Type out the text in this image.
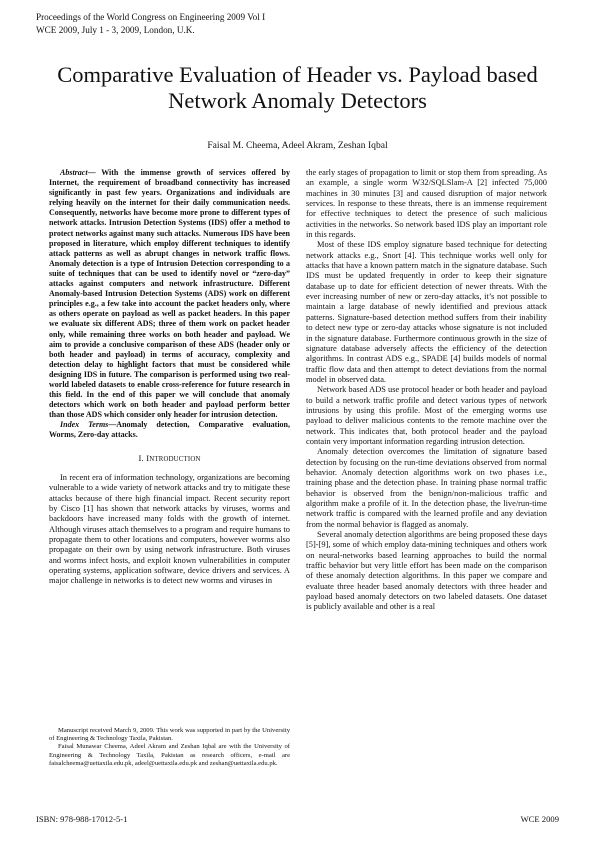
Proceedings of the World Congress on Engineering 2009 Vol I
WCE 2009, July 1 - 3, 2009, London, U.K.
Comparative Evaluation of Header vs. Payload based Network Anomaly Detectors
Faisal M. Cheema, Adeel Akram, Zeshan Iqbal

Abstract— With the immense growth of services offered by Internet, the requirement of broadband connectivity has increased significantly in past few years. Organizations and individuals are relying heavily on the internet for their daily communication needs. Consequently, networks have become more prone to different types of network attacks. Intrusion Detection Systems (IDS) offer a method to protect networks against many such attacks. Numerous IDS have been proposed in literature, which employ different techniques to identify attack patterns as well as abrupt changes in network traffic flows. Anomaly detection is a type of Intrusion Detection corresponding to a suite of techniques that can be used to identify novel or “zero-day” attacks against computers and network infrastructure. Different Anomaly-based Intrusion Detection Systems (ADS) work on different principles e.g., a few take into account the packet headers only, where as others operate on payload as well as packet headers. In this paper we evaluate six different ADS; three of them work on packet header only, while remaining three works on both header and payload. We aim to provide a conclusive comparison of these ADS (header only or both header and payload) in terms of accuracy, complexity and detection delay to highlight factors that must be considered while designing IDS in future. The comparison is performed using two real-world labeled datasets to enable cross-reference for future research in this field. In the end of this paper we will conclude that anomaly detectors which work on both header and payload perform better than those ADS which consider only header for intrusion detection.

Index Terms—Anomaly detection, Comparative evaluation, Worms, Zero-day attacks.

I. INTRODUCTION

In recent era of information technology, organizations are becoming vulnerable to a wide variety of network attacks and try to mitigate these attacks because of there high financial impact. Recent security report by Cisco [1] has shown that network attacks by viruses, worms and backdoors have increased many folds with the growth of internet. Although viruses attach themselves to a program and require humans to propagate them to other locations and computers, however worms also propagate on their own by using network infrastructure. Both viruses and worms infect hosts, and exploit known vulnerabilities in computer operating systems, application software, device drivers and services. A major challenge in networks is to detect new worms and viruses in

the early stages of propagation to limit or stop them from spreading. As an example, a single worm W32/SQLSlam-A [2] infected 75,000 machines in 30 minutes [3] and caused disruption of major network services. In response to these threats, there is an immense requirement for effective techniques to detect the presence of such malicious activities in the networks. So network based IDS play an important role in this regards.

Most of these IDS employ signature based technique for detecting network attacks e.g., Snort [4]. This technique works well only for attacks that have a known pattern match in the signature database. Such IDS must be updated frequently in order to keep their signature database up to date for efficient detection of newer threats. With the ever increasing number of new or zero-day attacks, it’s not possible to maintain a large database of newly identified and previous attack patterns. Signature-based detection method suffers from their inability to detect new type or zero-day attacks whose signature is not included in the signature database. Furthermore continuous growth in the size of signature database adversely affects the efficiency of the detection algorithms. In contrast ADS e.g., SPADE [4] builds models of normal traffic flow data and then attempt to detect deviations from the normal model in observed data.

Network based ADS use protocol header or both header and payload to build a network traffic profile and detect various types of network intrusions by using this profile. Most of the emerging worms use payload to deliver malicious contents to the remote machine over the network. This indicates that, both protocol header and the payload contain very important information regarding intrusion detection.

Anomaly detection overcomes the limitation of signature based detection by focusing on the run-time deviations observed from normal behavior. Anomaly detection algorithms work on two phases i.e., training phase and the detection phase. In training phase normal traffic behavior is observed from the benign/non-malicious traffic and algorithm make a profile of it. In the detection phase, the live/run-time network traffic is compared with the learned profile and any deviation from the normal behavior is flagged as anomaly.

Several anomaly detection algorithms are being proposed these days [5]-[9], some of which employ data-mining techniques and others work on neural-networks based learning approaches to build the normal traffic behavior but very little effort has been made on the comparison of these anomaly detection algorithms. In this paper we compare and evaluate three header based anomaly detectors with three header and payload based anomaly detectors on two labeled datasets. One dataset is publicly available and other is a real

Manuscript received March 9, 2009. This work was supported in part by the University of Engineering & Technology Taxila, Pakistan.

Faisal Munawar Cheema, Adeel Akram and Zeshan Iqbal are with the University of Engineering & Technology Taxila, Pakistan as research officers, e-mail are faisalcheema@uettaxila.edu.pk, adeel@uettaxila.edu.pk and zeshan@uettaxila.edu.pk.

ISBN: 978-988-17012-5-1	WCE 2009
